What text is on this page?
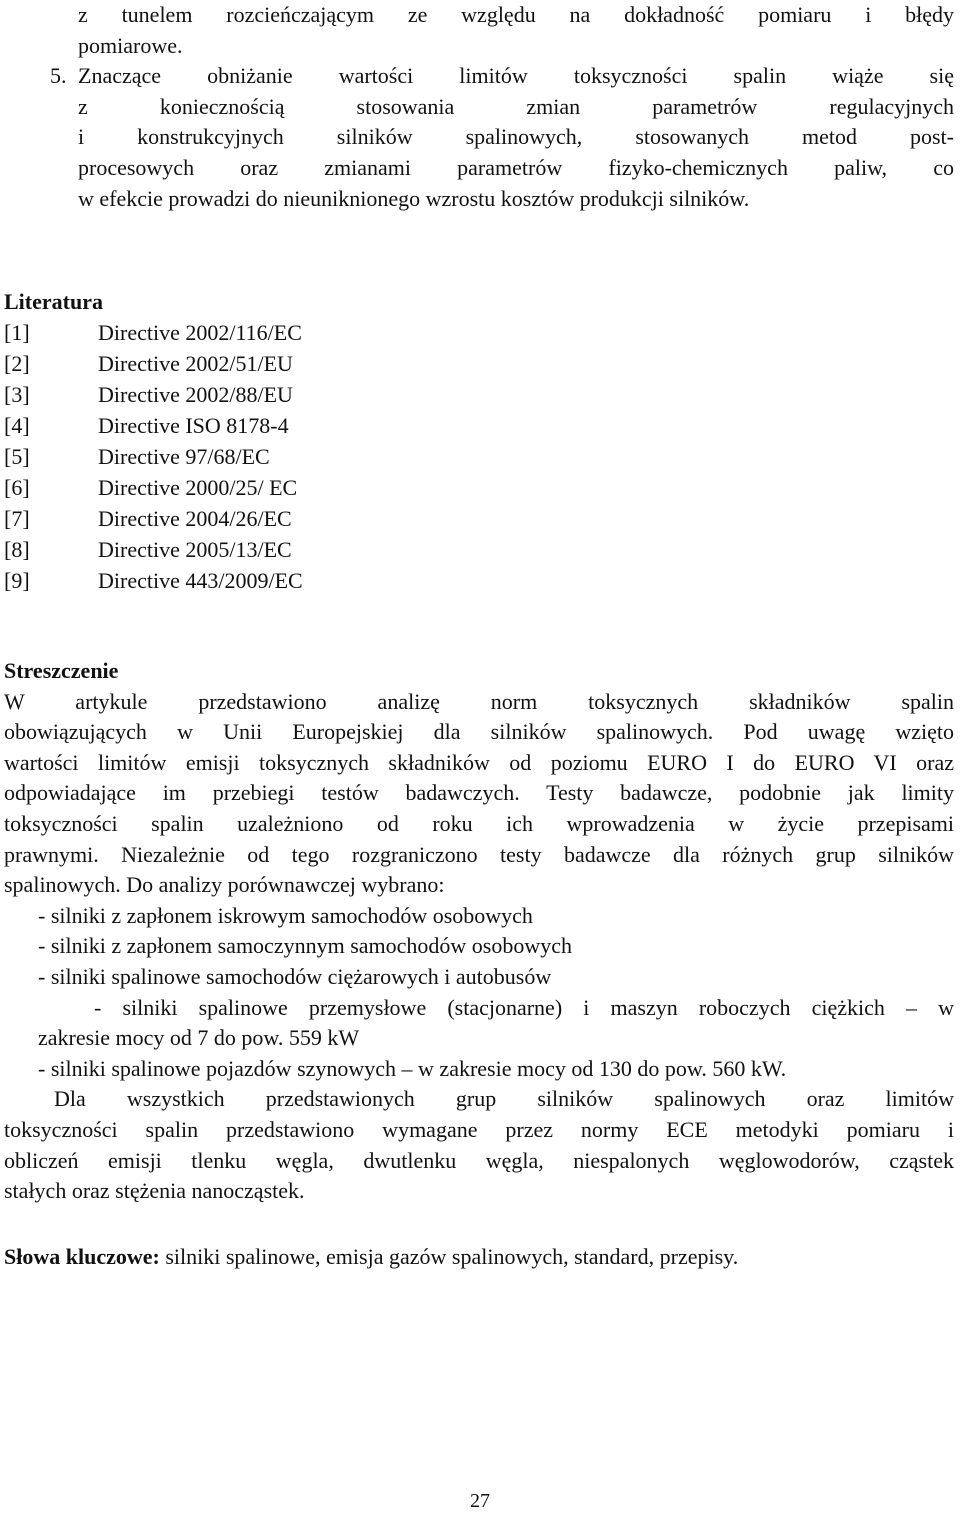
z tunelem rozcieńczającym ze względu na dokładność pomiaru i błędy
pomiarowe.
5. Znaczące obniżanie wartości limitów toksyczności spalin wiąże się
z koniecznością stosowania zmian parametrów regulacyjnych
i konstrukcyjnych silników spalinowych, stosowanych metod post-
procesowych oraz zmianami parametrów fizyko-chemicznych paliw, co
w efekcie prowadzi do nieuniknionego wzrostu kosztów produkcji silników.
Literatura
[1]	Directive 2002/116/EC
[2]	Directive 2002/51/EU
[3]	Directive 2002/88/EU
[4]	Directive ISO 8178-4
[5]	Directive 97/68/EC
[6]	Directive 2000/25/ EC
[7]	Directive 2004/26/EC
[8]	Directive 2005/13/EC
[9]	Directive 443/2009/EC
Streszczenie
W artykule przedstawiono analizę norm toksycznych składników spalin
obowiązujących w Unii Europejskiej dla silników spalinowych. Pod uwagę wzięto
wartości limitów emisji toksycznych składników od poziomu EURO I do EURO VI oraz
odpowiadające im przebiegi testów badawczych. Testy badawcze, podobnie jak limity
toksyczności spalin uzależniono od roku ich wprowadzenia w życie przepisami
prawnymi. Niezależnie od tego rozgraniczono testy badawcze dla różnych grup silników
spalinowych. Do analizy porównawczej wybrano:
- silniki z zapłonem iskrowym samochodów osobowych
- silniki z zapłonem samoczynnym samochodów osobowych
- silniki spalinowe samochodów ciężarowych i autobusów
- silniki spalinowe przemysłowe (stacjonarne) i maszyn roboczych ciężkich – w
zakresie mocy od 7 do pow. 559 kW
- silniki spalinowe pojazdów szynowych – w zakresie mocy od 130 do pow. 560 kW.
Dla wszystkich przedstawionych grup silników spalinowych oraz limitów
toksyczności spalin przedstawiono wymagane przez normy ECE metodyki pomiaru i
obliczeń emisji tlenku węgla, dwutlenku węgla, niespalonych węglowodorów, cząstek
stałych oraz stężenia nanocząstek.
Słowa kluczowe: silniki spalinowe, emisja gazów spalinowych, standard, przepisy.
27
